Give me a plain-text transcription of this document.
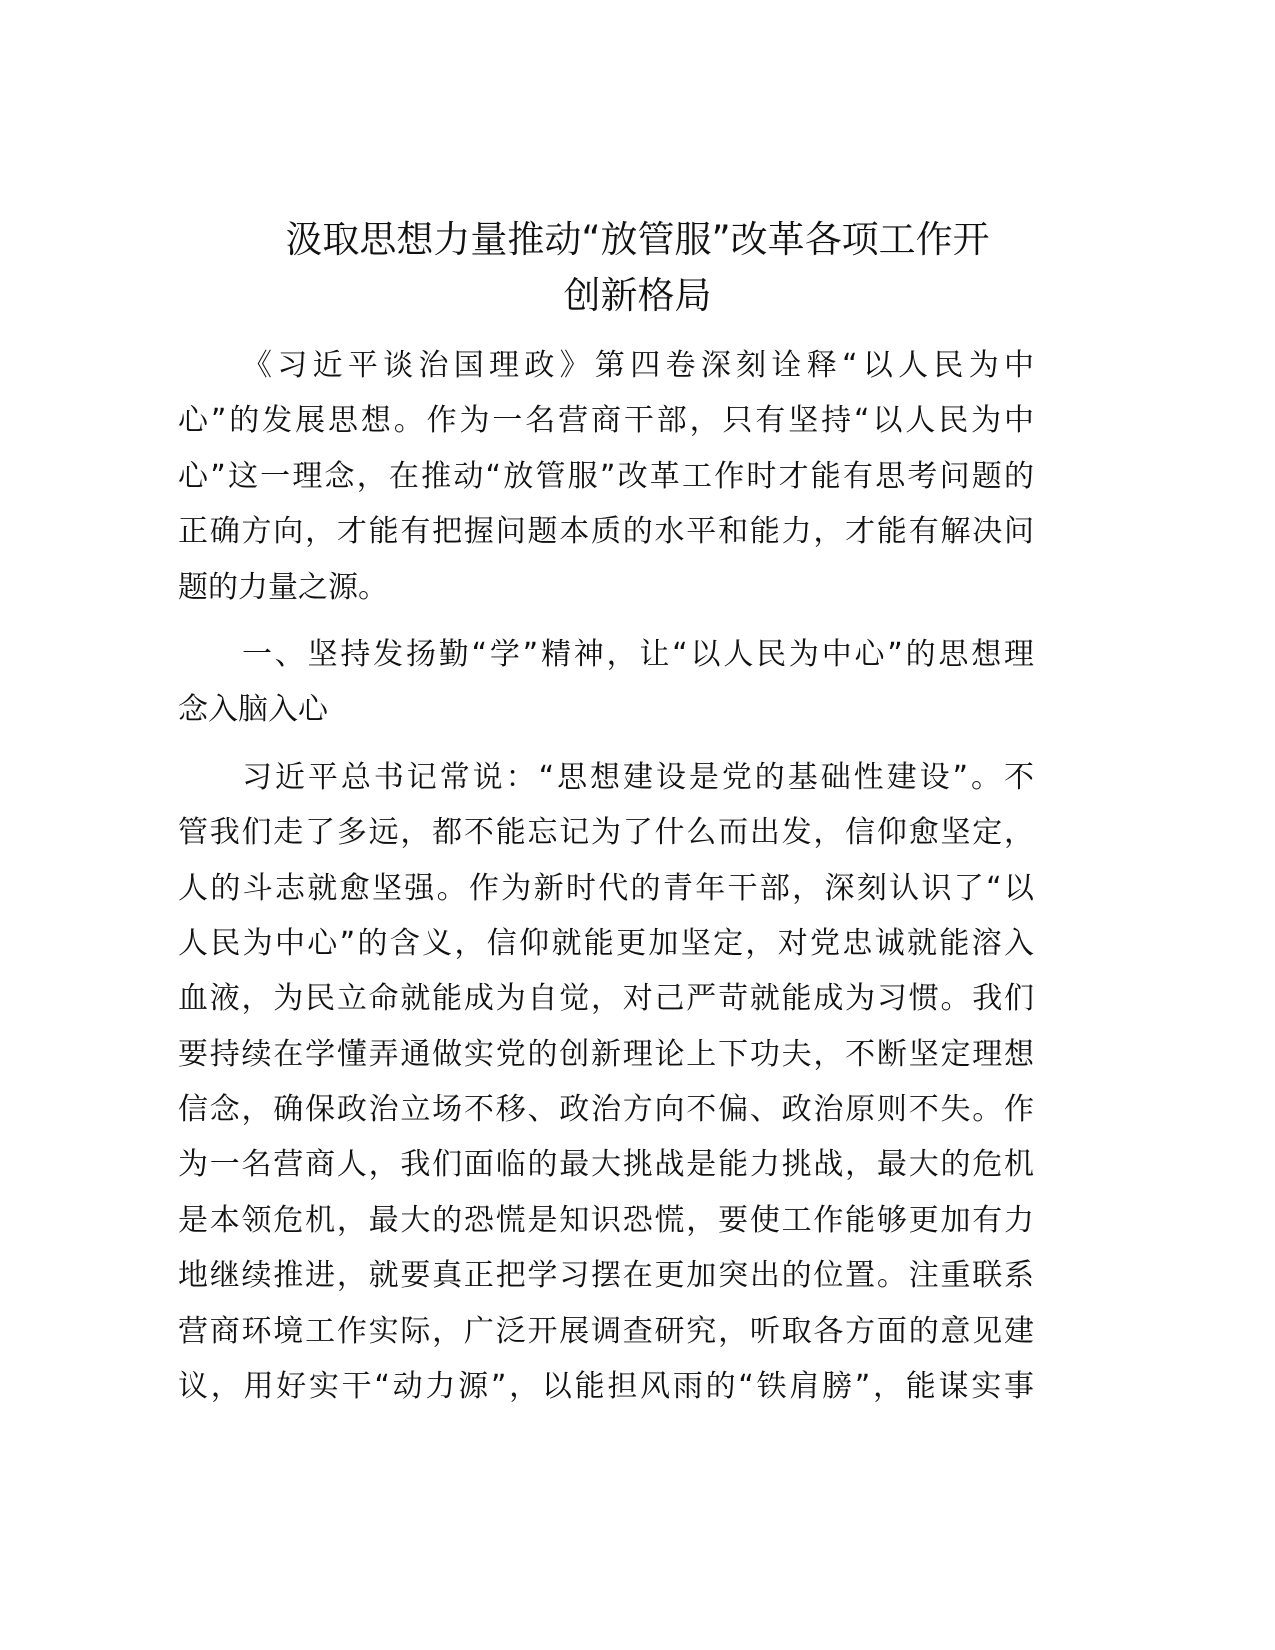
汲取思想力量推动“放管服”改革各项工作开
创新格局
《习近平谈治国理政》第四卷深刻诠释“以人民为中
心”的发展思想。作为一名营商干部，只有坚持“以人民为中
心”这一理念，在推动“放管服”改革工作时才能有思考问题的
正确方向，才能有把握问题本质的水平和能力，才能有解决问
题的力量之源。
一、坚持发扬勤“学”精神，让“以人民为中心”的思想理
念入脑入心
习近平总书记常说：“思想建设是党的基础性建设”。不
管我们走了多远，都不能忘记为了什么而出发，信仰愈坚定，
人的斗志就愈坚强。作为新时代的青年干部，深刻认识了“以
人民为中心”的含义，信仰就能更加坚定，对党忠诚就能溶入
血液，为民立命就能成为自觉，对己严苛就能成为习惯。我们
要持续在学懂弄通做实党的创新理论上下功夫，不断坚定理想
信念，确保政治立场不移、政治方向不偏、政治原则不失。作
为一名营商人，我们面临的最大挑战是能力挑战，最大的危机
是本领危机，最大的恐慌是知识恐慌，要使工作能够更加有力
地继续推进，就要真正把学习摆在更加突出的位置。注重联系
营商环境工作实际，广泛开展调查研究，听取各方面的意见建
议，用好实干“动力源”，以能担风雨的“铁肩膀”，能谋实事
